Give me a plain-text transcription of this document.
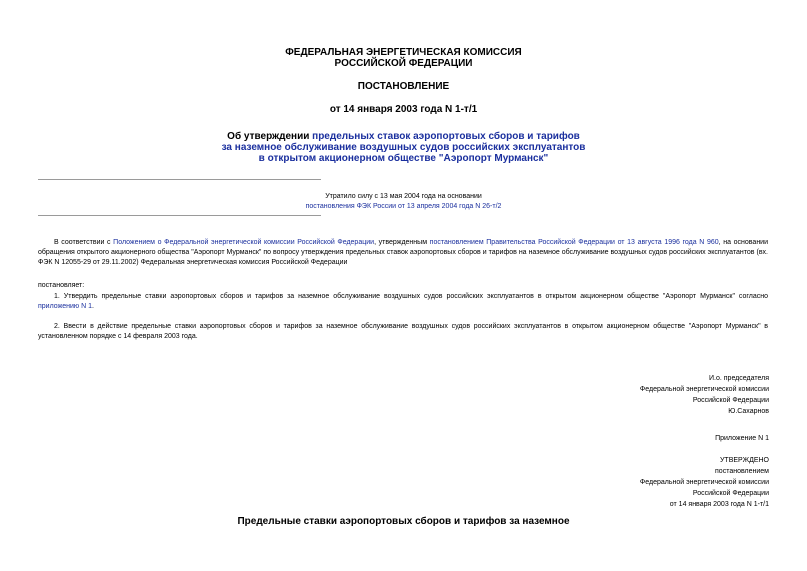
ФЕДЕРАЛЬНАЯ ЭНЕРГЕТИЧЕСКАЯ КОМИССИЯ
РОССИЙСКОЙ ФЕДЕРАЦИИ
ПОСТАНОВЛЕНИЕ
от 14 января 2003 года N 1-т/1
Об утверждении предельных ставок аэропортовых сборов и тарифов
за наземное обслуживание воздушных судов российских эксплуатантов
в открытом акционерном обществе "Аэропорт Мурманск"
Утратило силу с 13 мая 2004 года на основании
постановления ФЭК России от 13 апреля 2004 года N 26-т/2
В соответствии с Положением о Федеральной энергетической комиссии Российской Федерации, утвержденным постановлением Правительства Российской Федерации от 13 августа 1996 года N 960, на основании обращения открытого акционерного общества "Аэропорт Мурманск" по вопросу утверждения предельных ставок аэропортовых сборов и тарифов на наземное обслуживание воздушных судов российских эксплуатантов (вх. ФЭК N 12055-29 от 29.11.2002) Федеральная энергетическая комиссия Российской Федерации
постановляет:
1. Утвердить предельные ставки аэропортовых сборов и тарифов за наземное обслуживание воздушных судов российских эксплуатантов в открытом акционерном обществе "Аэропорт Мурманск" согласно приложению N 1.
2. Ввести в действие предельные ставки аэропортовых сборов и тарифов за наземное обслуживание воздушных судов российских эксплуатантов в открытом акционерном обществе "Аэропорт Мурманск" в установленном порядке с 14 февраля 2003 года.
И.о. председателя
Федеральной энергетической комиссии
Российской Федерации
Ю.Сахарнов
Приложение N 1
УТВЕРЖДЕНО
постановлением
Федеральной энергетической комиссии
Российской Федерации
от 14 января 2003 года N 1-т/1
Предельные ставки аэропортовых сборов и тарифов за наземное
